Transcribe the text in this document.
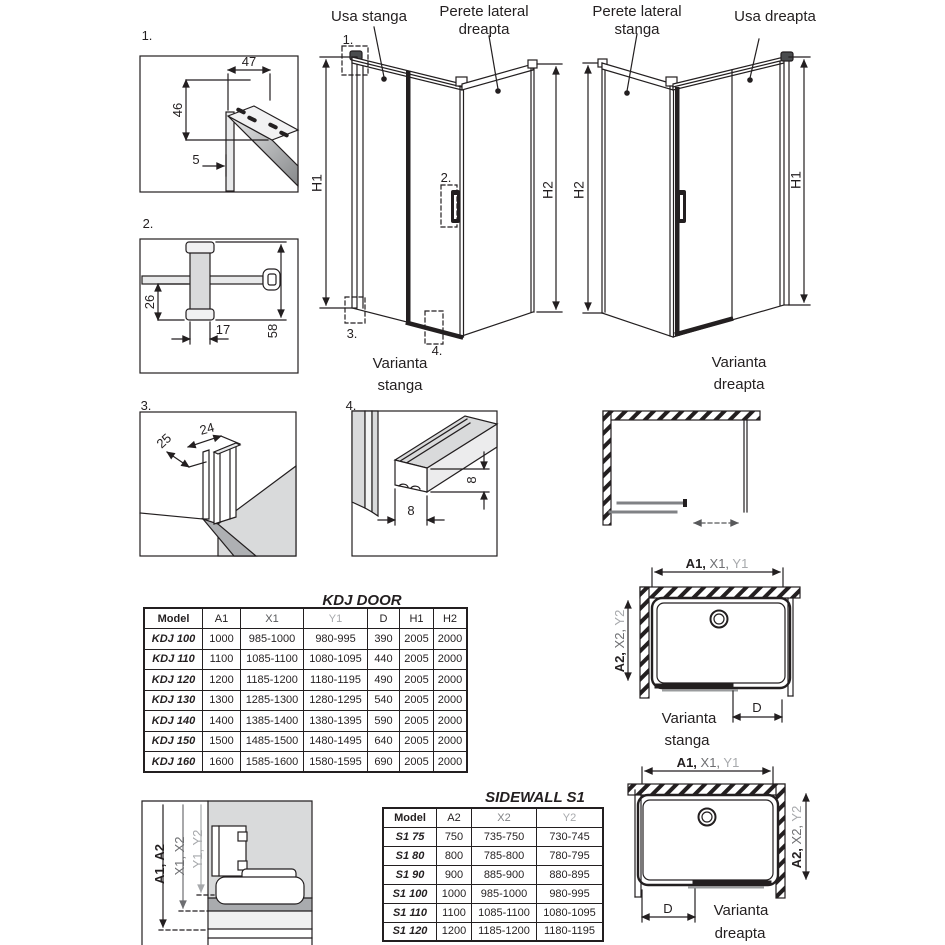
1.
2.
3.	4.
47
46
5
26
17	58
24
25
8
8
Usa stanga Perete lateral
dreapta
H1	H2
1.
2.
3.
4.
Varianta
stanga
Perete lateral
stanga
Usa dreapta
H2
H1
Varianta
dreapta
KDJ DOOR
SIDEWALL S1
Model	A1	X1	Y1	D	H1	H2
KDJ 100	1000	985-1000	980-995	390	2005	2000
KDJ 110	1100	1085-1100	1080-1095	440	2005	2000
KDJ 120	1200	1185-1200	1180-1195	490	2005	2000
KDJ 130	1300	1285-1300	1280-1295	540	2005	2000
KDJ 140	1400	1385-1400	1380-1395	590	2005	2000
KDJ 150	1500	1485-1500	1480-1495	640	2005	2000
KDJ 160	1600	1585-1600	1580-1595	690	2005	2000
Model	A2	X2	Y2
S1 75	750	735-750	730-745
S1 80	800	785-800	780-795
S1 90	900	885-900	880-895
S1 100	1000	985-1000	980-995
S1 110	1100	1085-1100	1080-1095
S1 120	1200	1185-1200	1180-1195
A1, X1, Y1
A2, X2, Y2
D
Varianta
stanga
A1, X1, Y1
A2, X2, Y2
D	Varianta
dreapta
A1, A2 X1, X2 Y1, Y2
